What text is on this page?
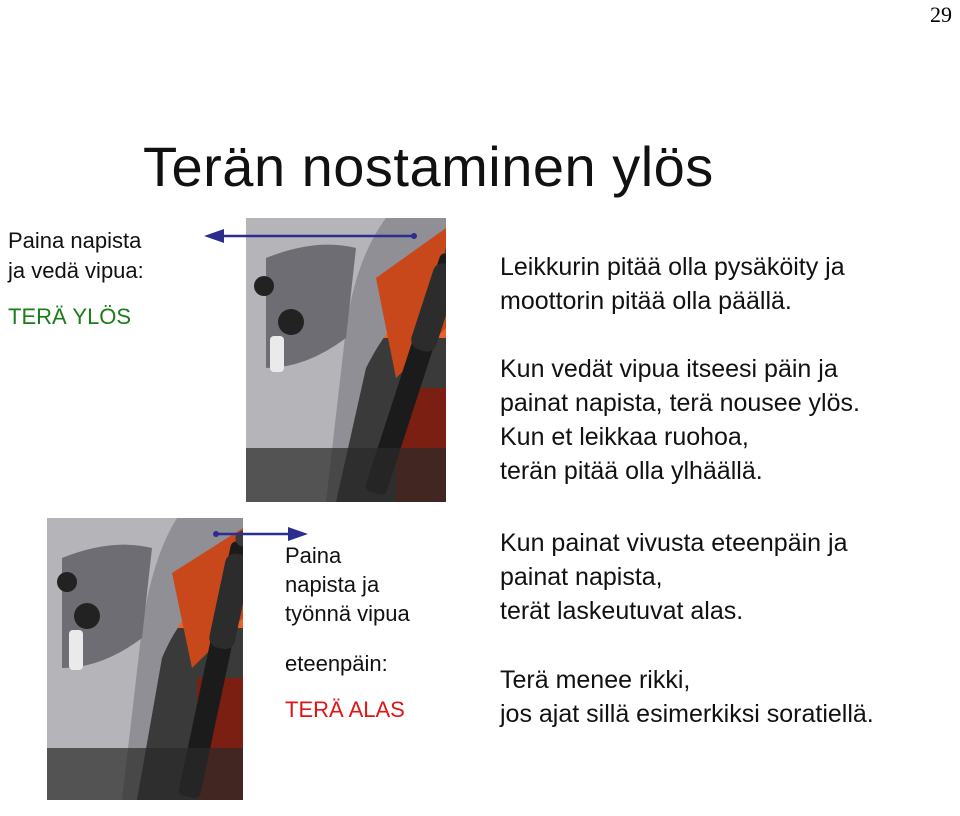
29
Terän nostaminen ylös
Paina napista
ja vedä vipua:
TERÄ YLÖS
Paina
napista ja
työnnä vipua
eteenpäin:
TERÄ ALAS
Leikkurin pitää olla pysäköity ja
moottorin pitää olla päällä.
Kun vedät vipua itseesi päin ja
painat napista, terä nousee ylös.
Kun et leikkaa ruohoa,
terän pitää olla ylhäällä.
Kun painat vivusta eteenpäin ja
painat napista,
terät laskeutuvat alas.
Terä menee rikki,
jos ajat sillä esimerkiksi soratiellä.
